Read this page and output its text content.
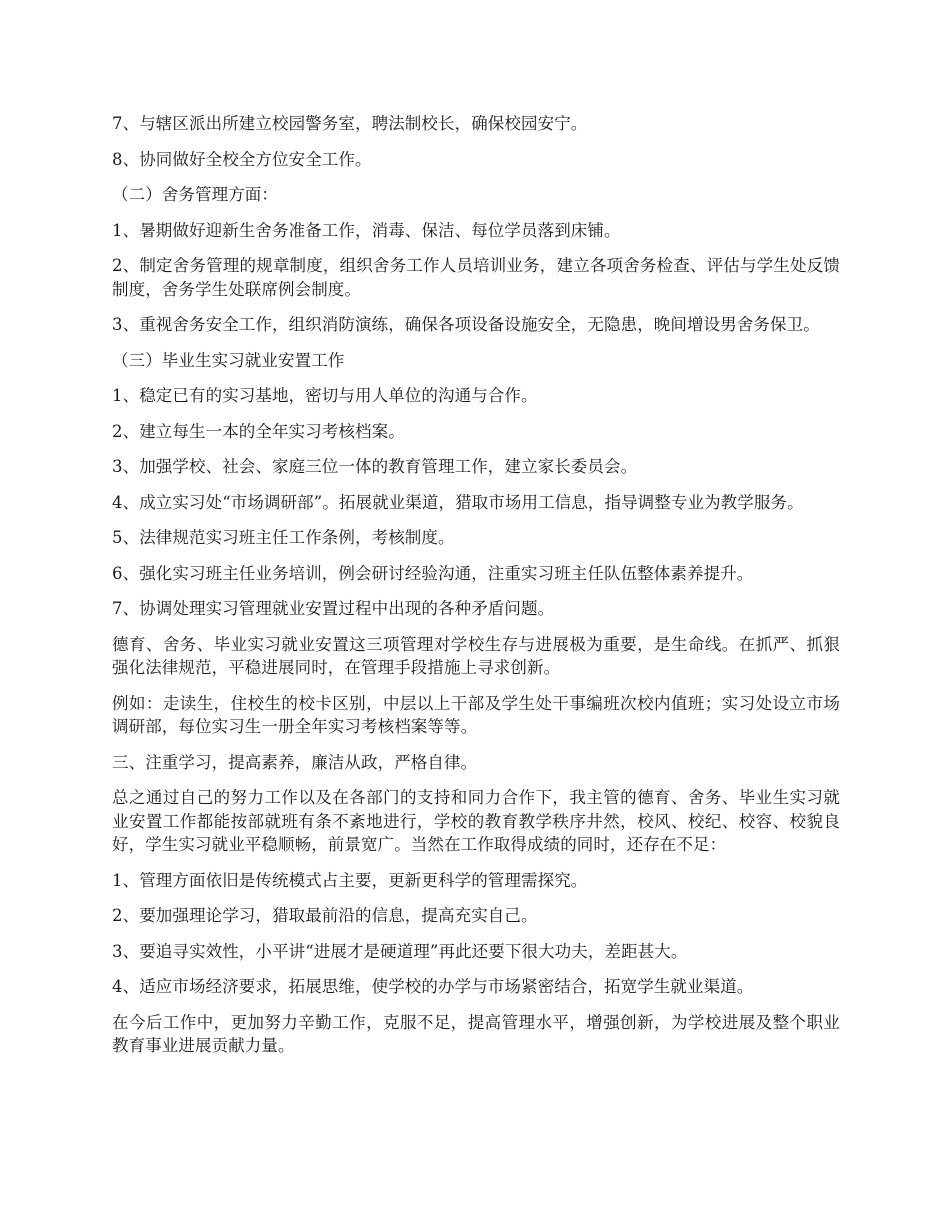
7、与辖区派出所建立校园警务室，聘法制校长，确保校园安宁。

8、协同做好全校全方位安全工作。

（二）舍务管理方面：

1、暑期做好迎新生舍务准备工作，消毒、保洁、每位学员落到床铺。

2、制定舍务管理的规章制度，组织舍务工作人员培训业务，建立各项舍务检查、评估与学生处反馈制度，舍务学生处联席例会制度。

3、重视舍务安全工作，组织消防演练，确保各项设备设施安全，无隐患，晚间增设男舍务保卫。

（三）毕业生实习就业安置工作

1、稳定已有的实习基地，密切与用人单位的沟通与合作。

2、建立每生一本的全年实习考核档案。

3、加强学校、社会、家庭三位一体的教育管理工作，建立家长委员会。

4、成立实习处“市场调研部”。拓展就业渠道，猎取市场用工信息，指导调整专业为教学服务。

5、法律规范实习班主任工作条例，考核制度。

6、强化实习班主任业务培训，例会研讨经验沟通，注重实习班主任队伍整体素养提升。

7、协调处理实习管理就业安置过程中出现的各种矛盾问题。

德育、舍务、毕业实习就业安置这三项管理对学校生存与进展极为重要，是生命线。在抓严、抓狠强化法律规范，平稳进展同时，在管理手段措施上寻求创新。

例如：走读生，住校生的校卡区别，中层以上干部及学生处干事编班次校内值班；实习处设立市场调研部，每位实习生一册全年实习考核档案等等。

三、注重学习，提高素养，廉洁从政，严格自律。

总之通过自己的努力工作以及在各部门的支持和同力合作下，我主管的德育、舍务、毕业生实习就业安置工作都能按部就班有条不紊地进行，学校的教育教学秩序井然，校风、校纪、校容、校貌良好，学生实习就业平稳顺畅，前景宽广。当然在工作取得成绩的同时，还存在不足：

1、管理方面依旧是传统模式占主要，更新更科学的管理需探究。

2、要加强理论学习，猎取最前沿的信息，提高充实自己。

3、要追寻实效性，小平讲“进展才是硬道理”再此还要下很大功夫，差距甚大。

4、适应市场经济要求，拓展思维，使学校的办学与市场紧密结合，拓宽学生就业渠道。

在今后工作中，更加努力辛勤工作，克服不足，提高管理水平，增强创新，为学校进展及整个职业教育事业进展贡献力量。
